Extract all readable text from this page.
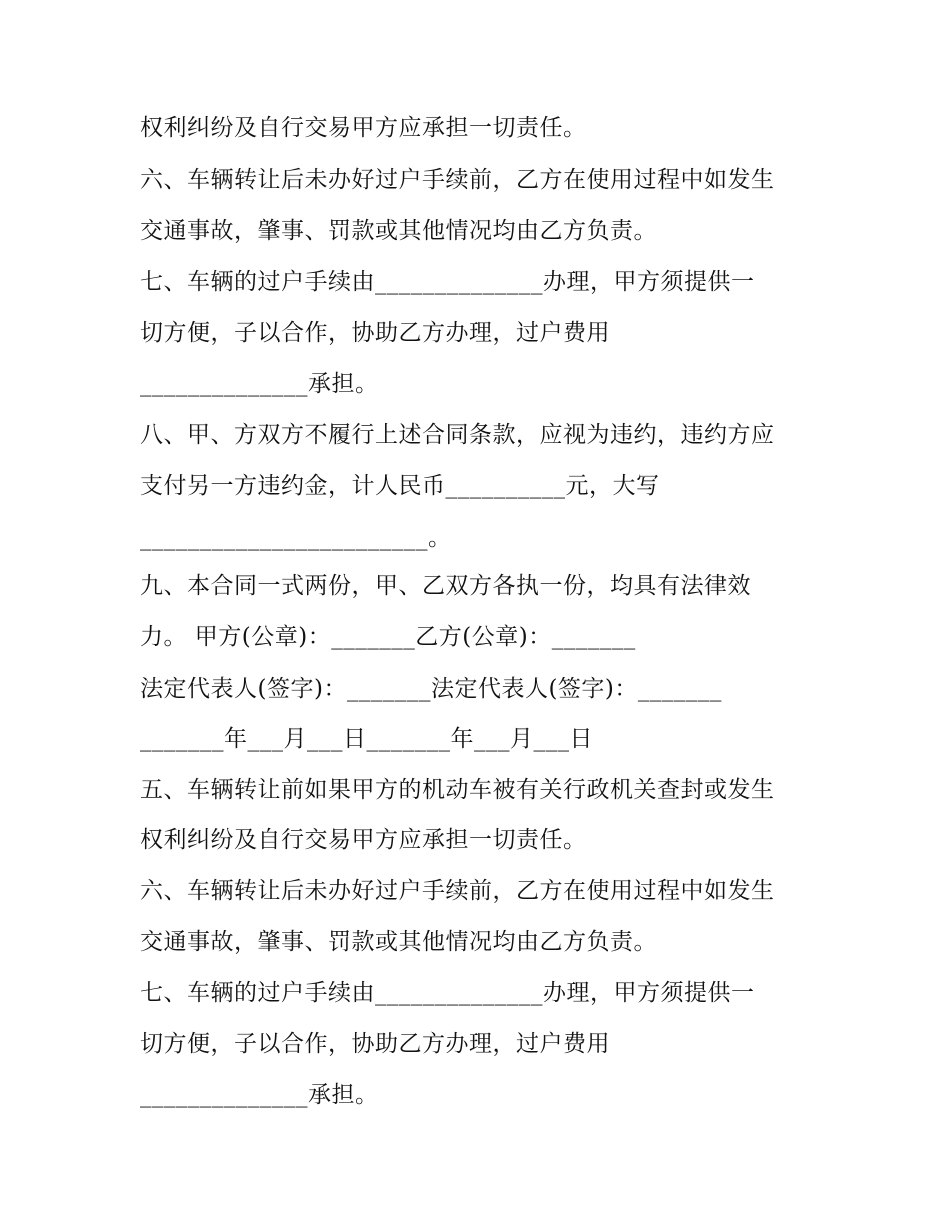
权利纠纷及自行交易甲方应承担一切责任。
六、车辆转让后未办好过户手续前，乙方在使用过程中如发生
交通事故，肇事、罚款或其他情况均由乙方负责。
七、车辆的过户手续由______________办理，甲方须提供一
切方便，子以合作，协助乙方办理，过户费用
______________承担。
八、甲、方双方不履行上述合同条款，应视为违约，违约方应
支付另一方违约金，计人民币__________元，大写
________________________。
九、本合同一式两份，甲、乙双方各执一份，均具有法律效
力。 甲方(公章)：_______乙方(公章)：_______
法定代表人(签字)：_______法定代表人(签字)：_______
_______年___月___日_______年___月___日
五、车辆转让前如果甲方的机动车被有关行政机关查封或发生
权利纠纷及自行交易甲方应承担一切责任。
六、车辆转让后未办好过户手续前，乙方在使用过程中如发生
交通事故，肇事、罚款或其他情况均由乙方负责。
七、车辆的过户手续由______________办理，甲方须提供一
切方便，子以合作，协助乙方办理，过户费用
______________承担。
